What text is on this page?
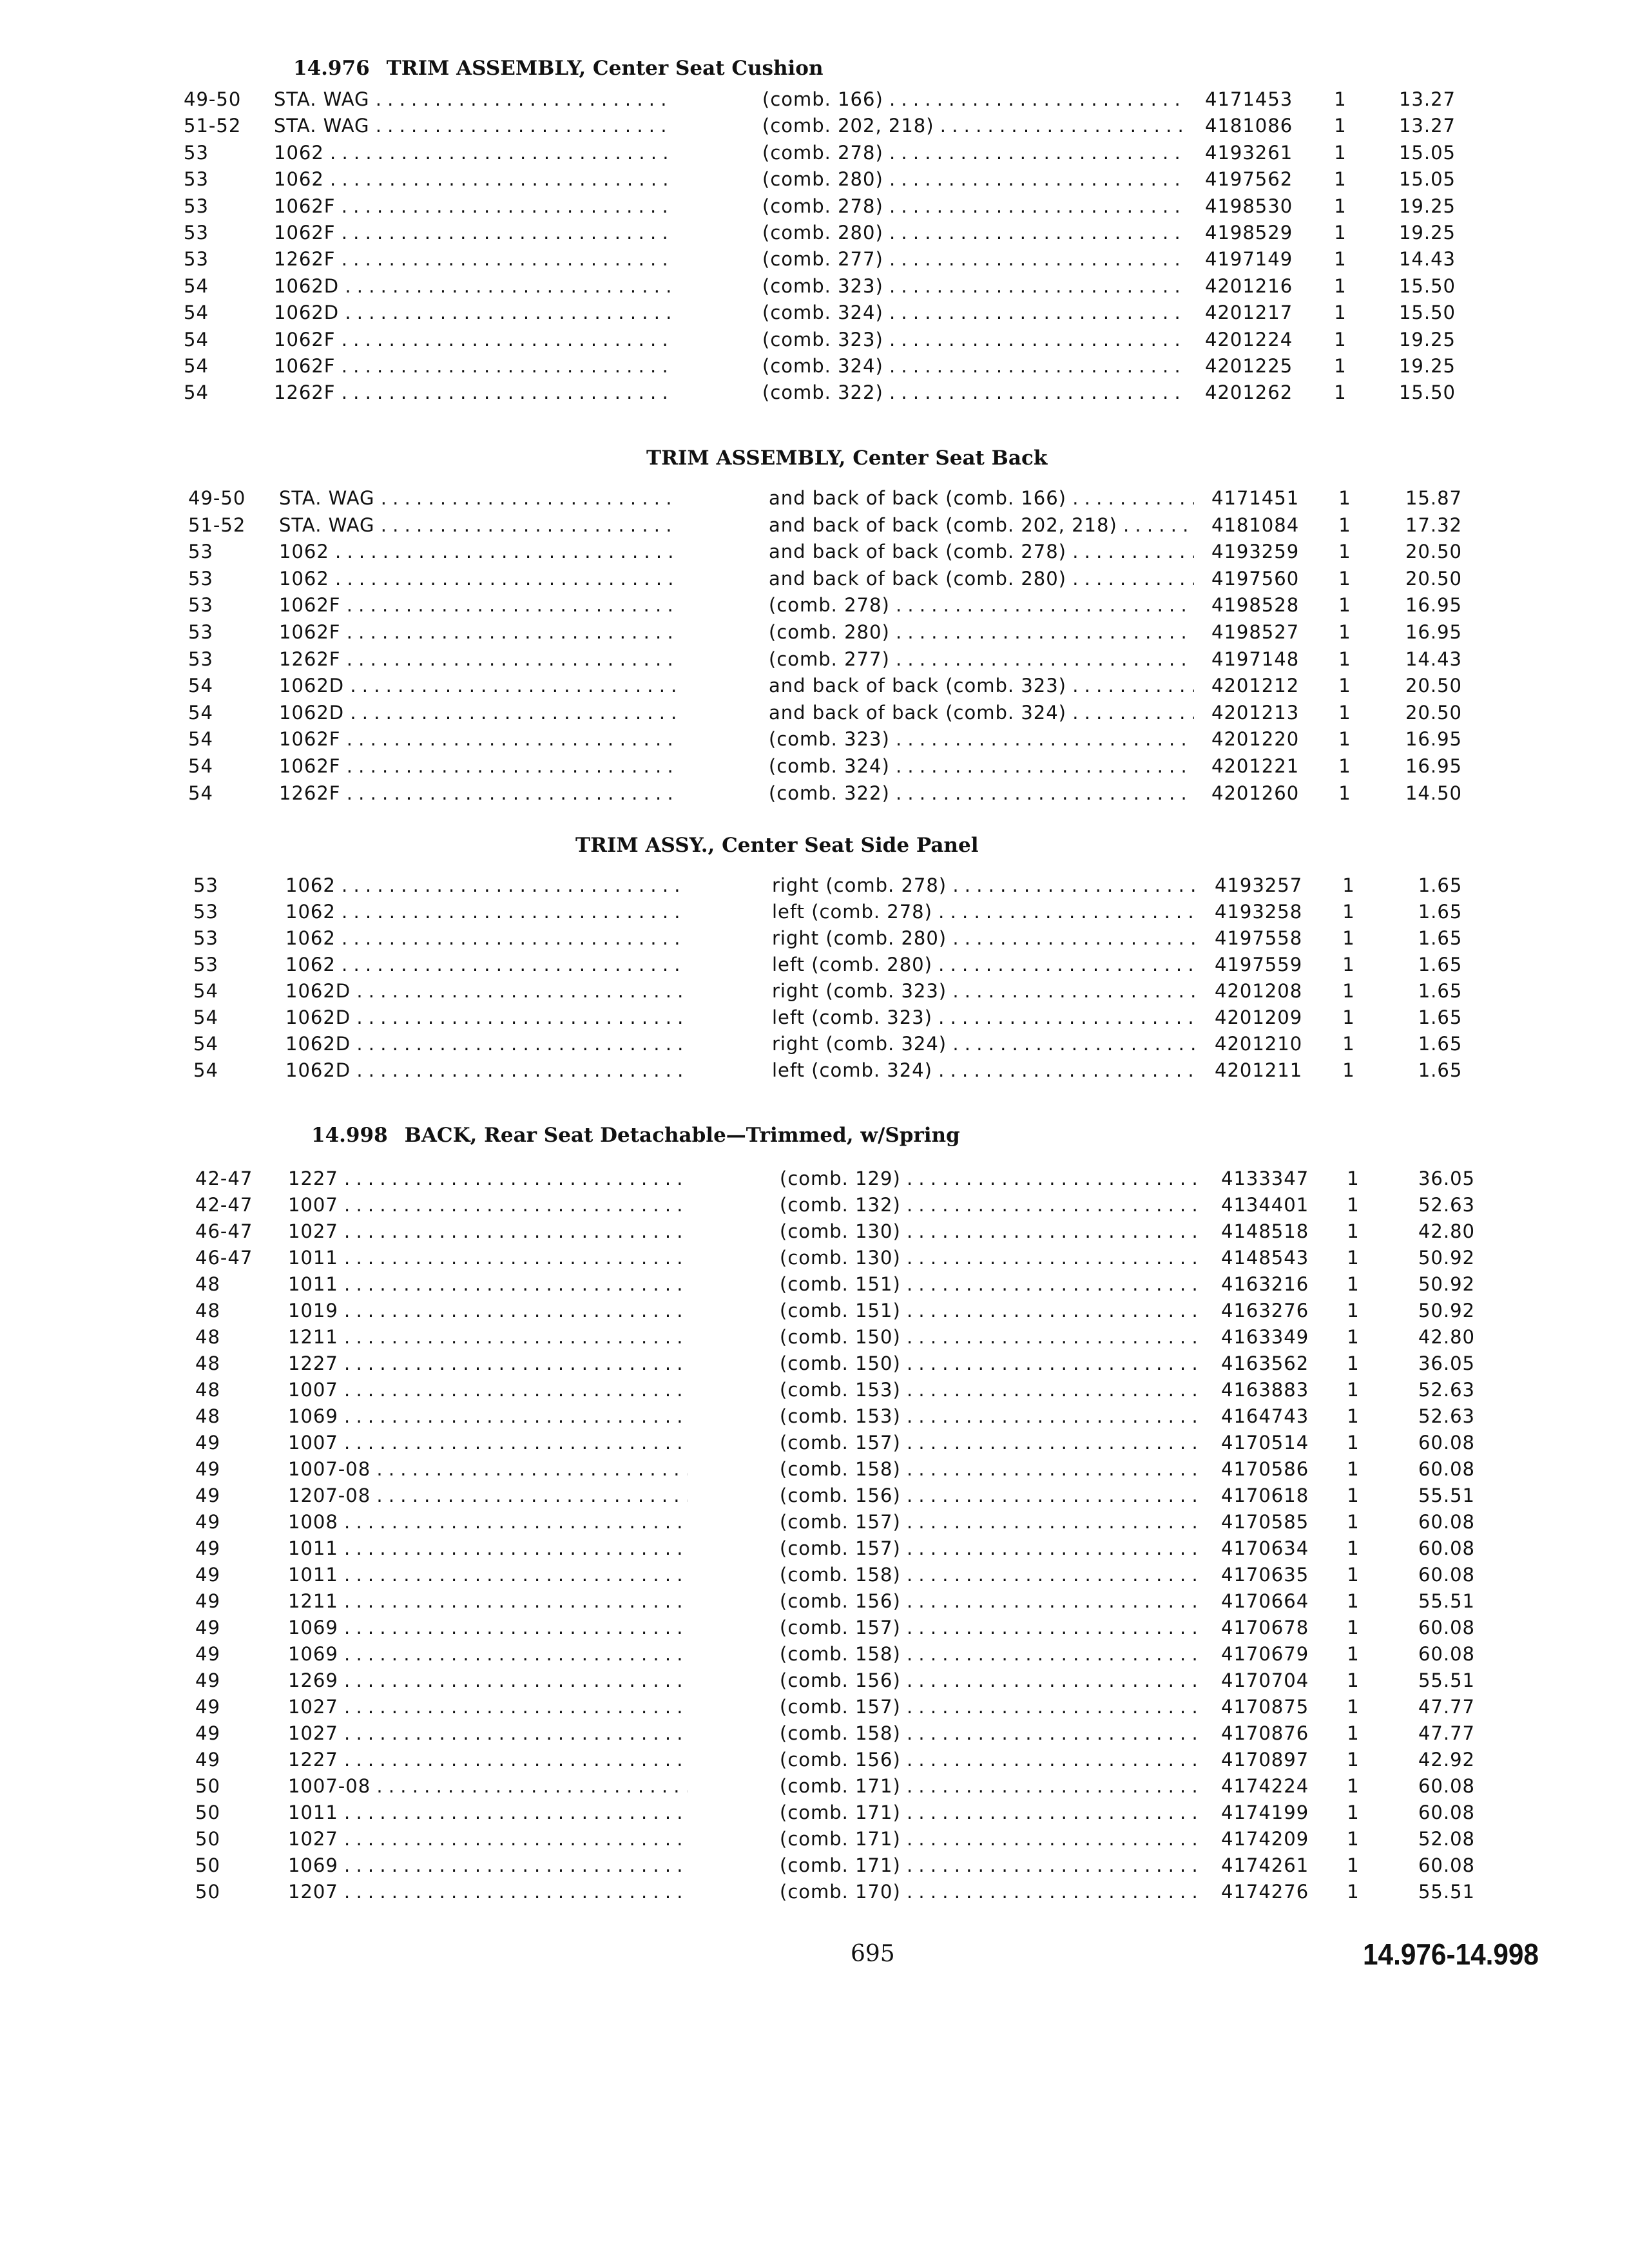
14.976 TRIM ASSEMBLY, Center Seat Cushion
49-50	STA. WAG . . .	(comb. 166) . . .	4171453	1	13.27
51-52	STA. WAG . . .	(comb. 202, 218) . . .	4181086	1	13.27
53	1062 . . .	(comb. 278) . . .	4193261	1	15.05
53	1062 . . .	(comb. 280) . . .	4197562	1	15.05
53	1062F . . .	(comb. 278) . . .	4198530	1	19.25
53	1062F . . .	(comb. 280) . . .	4198529	1	19.25
53	1262F . . .	(comb. 277) . . .	4197149	1	14.43
54	1062D . . .	(comb. 323) . . .	4201216	1	15.50
54	1062D . . .	(comb. 324) . . .	4201217	1	15.50
54	1062F . . .	(comb. 323) . . .	4201224	1	19.25
54	1062F . . .	(comb. 324) . . .	4201225	1	19.25
54	1262F . . .	(comb. 322) . . .	4201262	1	15.50
TRIM ASSEMBLY, Center Seat Back
49-50	STA. WAG . . .	and back of back (comb. 166) . . .	4171451	1	15.87
51-52	STA. WAG . . .	and back of back (comb. 202, 218) . . .	4181084	1	17.32
53	1062 . . .	and back of back (comb. 278) . . .	4193259	1	20.50
53	1062 . . .	and back of back (comb. 280) . . .	4197560	1	20.50
53	1062F . . .	(comb. 278) . . .	4198528	1	16.95
53	1062F . . .	(comb. 280) . . .	4198527	1	16.95
53	1262F . . .	(comb. 277) . . .	4197148	1	14.43
54	1062D . . .	and back of back (comb. 323) . . .	4201212	1	20.50
54	1062D . . .	and back of back (comb. 324) . . .	4201213	1	20.50
54	1062F . . .	(comb. 323) . . .	4201220	1	16.95
54	1062F . . .	(comb. 324) . . .	4201221	1	16.95
54	1262F . . .	(comb. 322) . . .	4201260	1	14.50
TRIM ASSY., Center Seat Side Panel
53	1062 . . .	right (comb. 278) . . .	4193257	1	1.65
53	1062 . . .	left (comb. 278) . . .	4193258	1	1.65
53	1062 . . .	right (comb. 280) . . .	4197558	1	1.65
53	1062 . . .	left (comb. 280) . . .	4197559	1	1.65
54	1062D . . .	right (comb. 323) . . .	4201208	1	1.65
54	1062D . . .	left (comb. 323) . . .	4201209	1	1.65
54	1062D . . .	right (comb. 324) . . .	4201210	1	1.65
54	1062D . . .	left (comb. 324) . . .	4201211	1	1.65
14.998 BACK, Rear Seat Detachable—Trimmed, w/Spring
42-47	1227 . . .	(comb. 129) . . .	4133347	1	36.05
42-47	1007 . . .	(comb. 132) . . .	4134401	1	52.63
46-47	1027 . . .	(comb. 130) . . .	4148518	1	42.80
46-47	1011 . . .	(comb. 130) . . .	4148543	1	50.92
48	1011 . . .	(comb. 151) . . .	4163216	1	50.92
48	1019 . . .	(comb. 151) . . .	4163276	1	50.92
48	1211 . . .	(comb. 150) . . .	4163349	1	42.80
48	1227 . . .	(comb. 150) . . .	4163562	1	36.05
48	1007 . . .	(comb. 153) . . .	4163883	1	52.63
48	1069 . . .	(comb. 153) . . .	4164743	1	52.63
49	1007 . . .	(comb. 157) . . .	4170514	1	60.08
49	1007-08 . . .	(comb. 158) . . .	4170586	1	60.08
49	1207-08 . . .	(comb. 156) . . .	4170618	1	55.51
49	1008 . . .	(comb. 157) . . .	4170585	1	60.08
49	1011 . . .	(comb. 157) . . .	4170634	1	60.08
49	1011 . . .	(comb. 158) . . .	4170635	1	60.08
49	1211 . . .	(comb. 156) . . .	4170664	1	55.51
49	1069 . . .	(comb. 157) . . .	4170678	1	60.08
49	1069 . . .	(comb. 158) . . .	4170679	1	60.08
49	1269 . . .	(comb. 156) . . .	4170704	1	55.51
49	1027 . . .	(comb. 157) . . .	4170875	1	47.77
49	1027 . . .	(comb. 158) . . .	4170876	1	47.77
49	1227 . . .	(comb. 156) . . .	4170897	1	42.92
50	1007-08 . . .	(comb. 171) . . .	4174224	1	60.08
50	1011 . . .	(comb. 171) . . .	4174199	1	60.08
50	1027 . . .	(comb. 171) . . .	4174209	1	52.08
50	1069 . . .	(comb. 171) . . .	4174261	1	60.08
50	1207 . . .	(comb. 170) . . .	4174276	1	55.51
695	14.976-14.998
